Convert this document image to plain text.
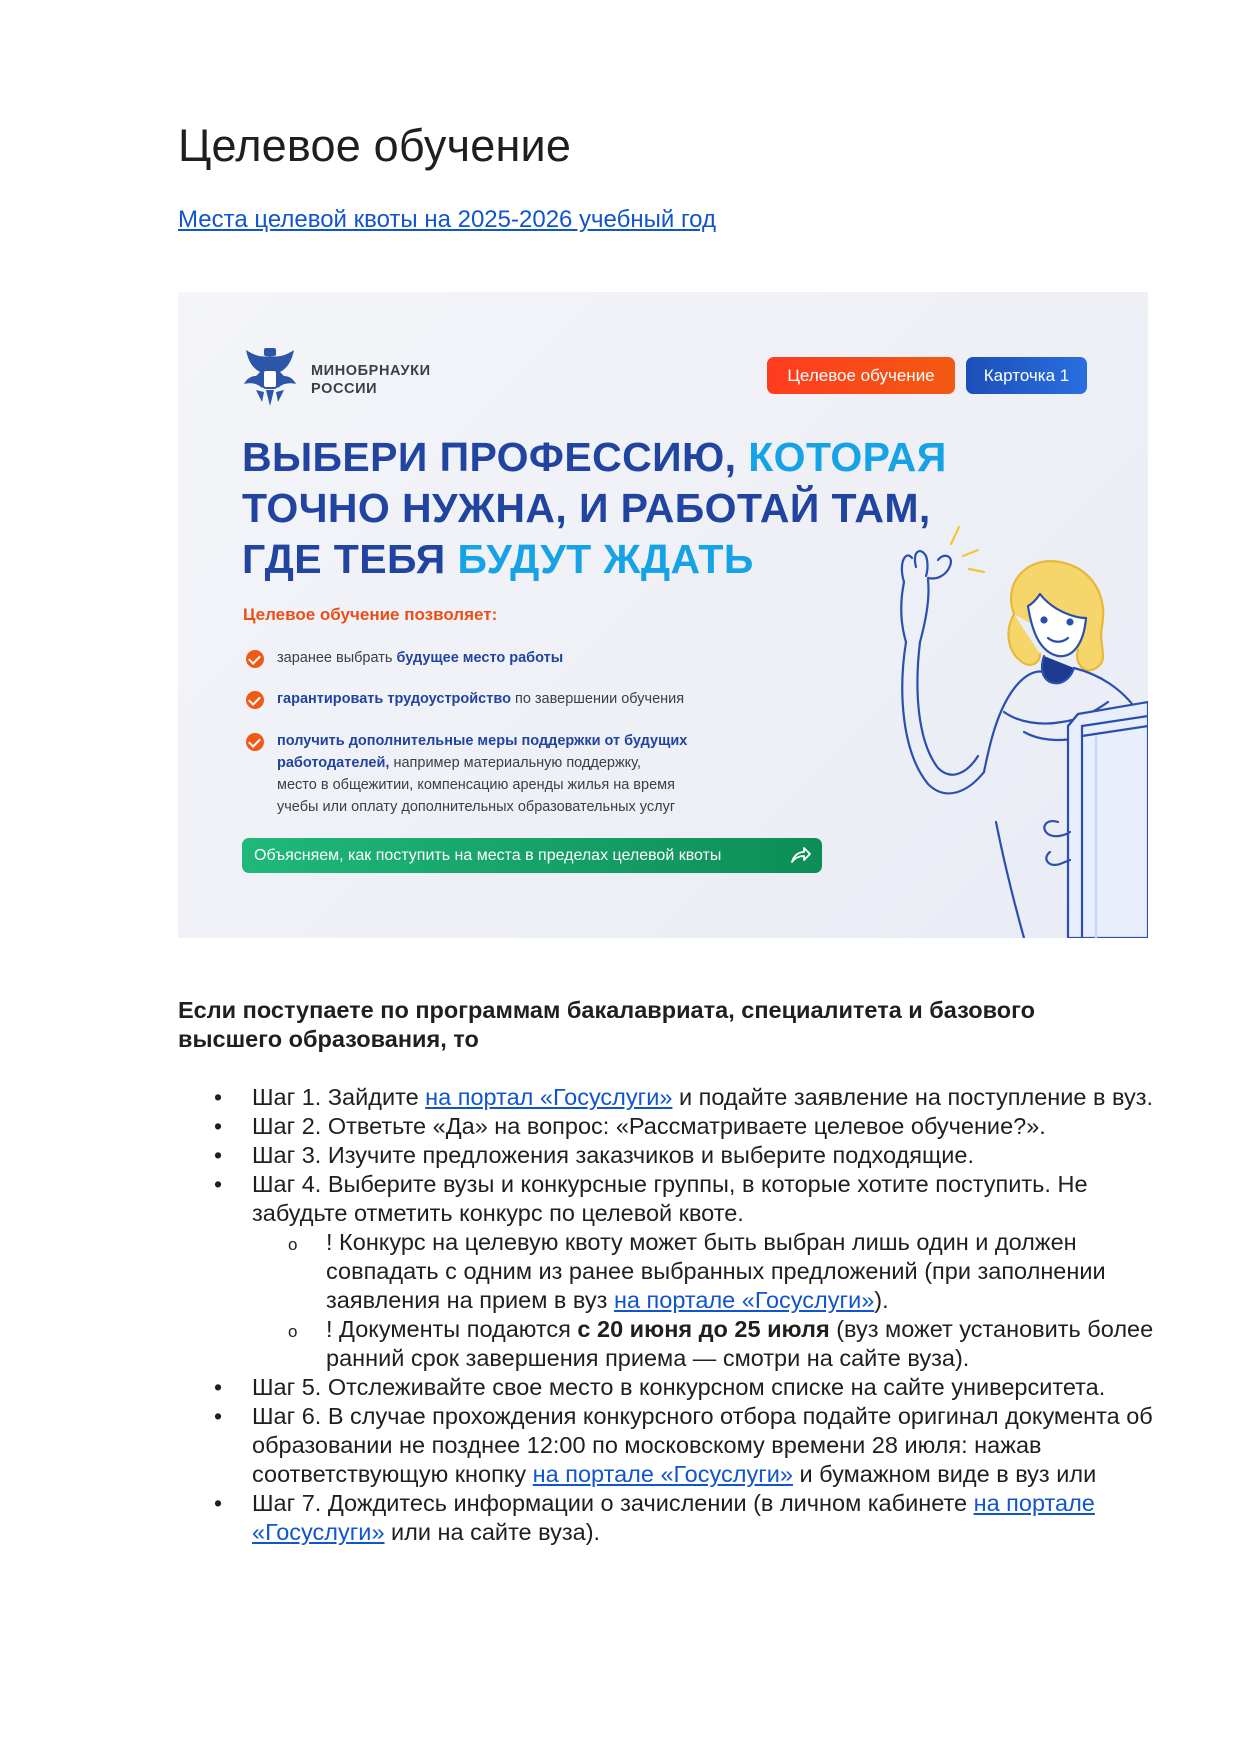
Целевое обучение
Места целевой квоты на 2025-2026 учебный год
МИНОБРНАУКИ
РОССИИ
Целевое обучение	Карточка 1
ВЫБЕРИ ПРОФЕССИЮ, КОТОРАЯ
ТОЧНО НУЖНА, И РАБОТАЙ ТАМ,
ГДЕ ТЕБЯ БУДУТ ЖДАТЬ
Целевое обучение позволяет:
заранее выбрать будущее место работы
гарантировать трудоустройство по завершении обучения
получить дополнительные меры поддержки от будущих
работодателей, например материальную поддержку,
место в общежитии, компенсацию аренды жилья на время
учебы или оплату дополнительных образовательных услуг
Объясняем, как поступить на места в пределах целевой квоты
Если поступаете по программам бакалавриата, специалитета и базового высшего образования, то
• Шаг 1. Зайдите на портал «Госуслуги» и подайте заявление на поступление в вуз.
• Шаг 2. Ответьте «Да» на вопрос: «Рассматриваете целевое обучение?».
• Шаг 3. Изучите предложения заказчиков и выберите подходящие.
• Шаг 4. Выберите вузы и конкурсные группы, в которые хотите поступить. Не забудьте отметить конкурс по целевой квоте.
o ! Конкурс на целевую квоту может быть выбран лишь один и должен совпадать с одним из ранее выбранных предложений (при заполнении заявления на прием в вуз на портале «Госуслуги»).
o ! Документы подаются с 20 июня до 25 июля (вуз может установить более ранний срок завершения приема — смотри на сайте вуза).
• Шаг 5. Отслеживайте свое место в конкурсном списке на сайте университета.
• Шаг 6. В случае прохождения конкурсного отбора подайте оригинал документа об образовании не позднее 12:00 по московскому времени 28 июля: нажав соответствующую кнопку на портале «Госуслуги» и бумажном виде в вуз или
• Шаг 7. Дождитесь информации о зачислении (в личном кабинете на портале «Госуслуги» или на сайте вуза).
